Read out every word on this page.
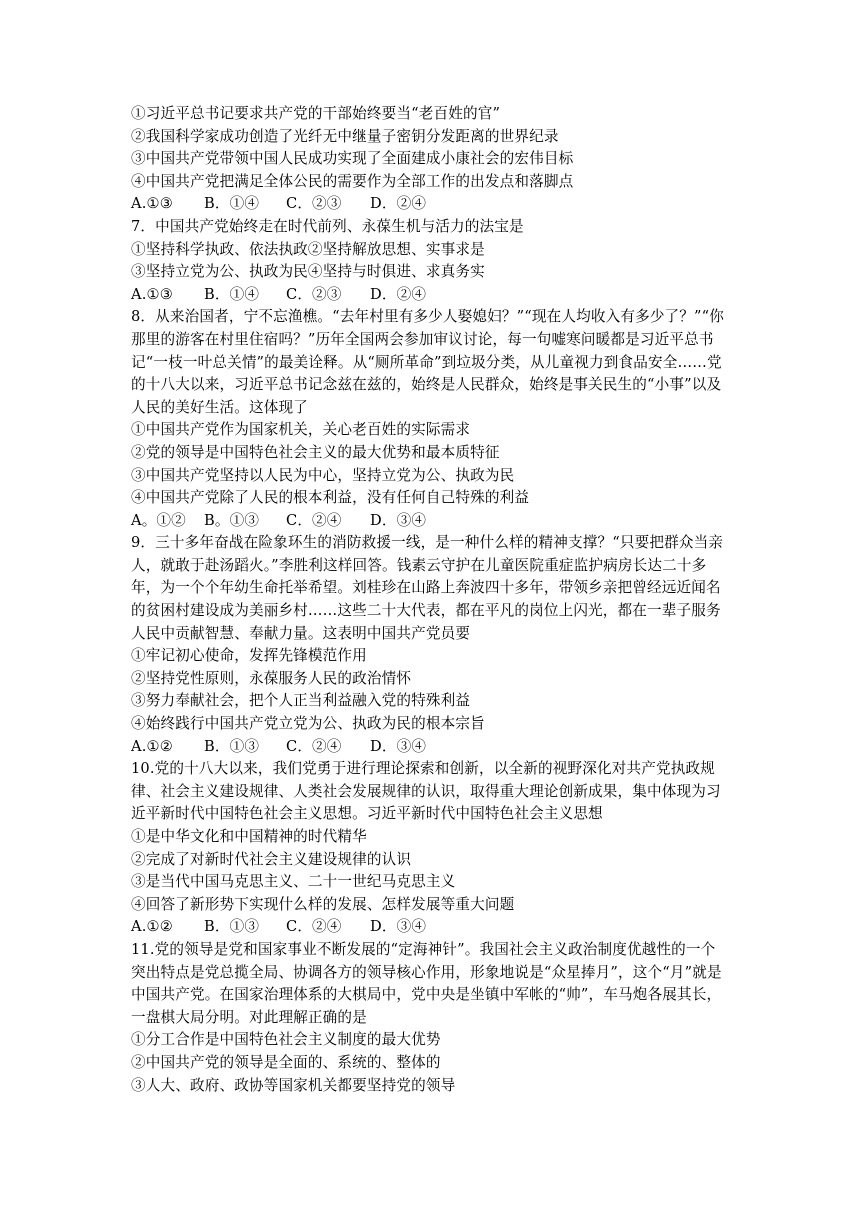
①习近平总书记要求共产党的干部始终要当“老百姓的官”
②我国科学家成功创造了光纤无中继量子密钥分发距离的世界纪录
③中国共产党带领中国人民成功实现了全面建成小康社会的宏伟目标
④中国共产党把满足全体公民的需要作为全部工作的出发点和落脚点
A.①③	B．①④	C．②③	D．②④
7．中国共产党始终走在时代前列、永葆生机与活力的法宝是
①坚持科学执政、依法执政②坚持解放思想、实事求是
③坚持立党为公、执政为民④坚持与时俱进、求真务实
A.①③	B．①④	C．②③	D．②④
8．从来治国者，宁不忘渔樵。“去年村里有多少人娶媳妇？”“现在人均收入有多少了？”“你
那里的游客在村里住宿吗？”历年全国两会参加审议讨论，每一句嘘寒问暖都是习近平总书
记“一枝一叶总关情”的最美诠释。从“厕所革命”到垃圾分类，从儿童视力到食品安全……党
的十八大以来，习近平总书记念兹在兹的，始终是人民群众，始终是事关民生的“小事”以及
人民的美好生活。这体现了
①中国共产党作为国家机关，关心老百姓的实际需求
②党的领导是中国特色社会主义的最大优势和最本质特征
③中国共产党坚持以人民为中心，坚持立党为公、执政为民
④中国共产党除了人民的根本利益，没有任何自己特殊的利益
A。①②	B。①③	C．②④	D．③④
9．三十多年奋战在险象环生的消防救援一线，是一种什么样的精神支撑？“只要把群众当亲
人，就敢于赴汤蹈火。”李胜利这样回答。钱素云守护在儿童医院重症监护病房长达二十多
年，为一个个年幼生命托举希望。刘桂珍在山路上奔波四十多年，带领乡亲把曾经远近闻名
的贫困村建设成为美丽乡村……这些二十大代表，都在平凡的岗位上闪光，都在一辈子服务
人民中贡献智慧、奉献力量。这表明中国共产党员要
①牢记初心使命，发挥先锋模范作用
②坚持党性原则，永葆服务人民的政治情怀
③努力奉献社会，把个人正当利益融入党的特殊利益
④始终践行中国共产党立党为公、执政为民的根本宗旨
A.①②	B．①③	C．②④	D．③④
10.党的十八大以来，我们党勇于进行理论探索和创新，以全新的视野深化对共产党执政规
律、社会主义建设规律、人类社会发展规律的认识，取得重大理论创新成果，集中体现为习
近平新时代中国特色社会主义思想。习近平新时代中国特色社会主义思想
①是中华文化和中国精神的时代精华
②完成了对新时代社会主义建设规律的认识
③是当代中国马克思主义、二十一世纪马克思主义
④回答了新形势下实现什么样的发展、怎样发展等重大问题
A.①②	B．①③	C．②④	D．③④
11.党的领导是党和国家事业不断发展的“定海神针”。我国社会主义政治制度优越性的一个
突出特点是党总揽全局、协调各方的领导核心作用，形象地说是“众星捧月”，这个“月”就是
中国共产党。在国家治理体系的大棋局中，党中央是坐镇中军帐的“帅”，车马炮各展其长，
一盘棋大局分明。对此理解正确的是
①分工合作是中国特色社会主义制度的最大优势
②中国共产党的领导是全面的、系统的、整体的
③人大、政府、政协等国家机关都要坚持党的领导
